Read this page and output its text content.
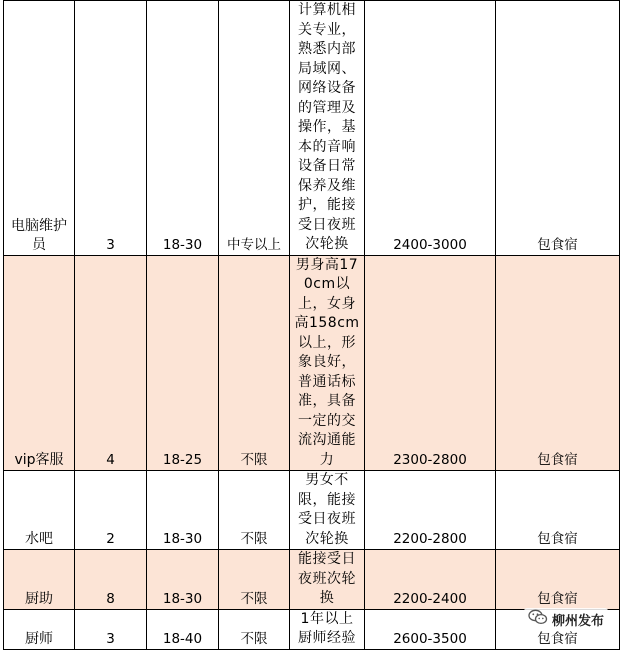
电脑维护员	3	18-30	中专以上	计算机相关专业，熟悉内部局域网、网络设备的管理及操作，基本的音响设备日常保养及维护，能接受日夜班次轮换	2400-3000	包食宿
vip客服	4	18-25	不限	男身高170cm以上，女身高158cm以上，形象良好，普通话标准，具备一定的交流沟通能力	2300-2800	包食宿
水吧	2	18-30	不限	男女不限，能接受日夜班次轮换	2200-2800	包食宿
厨助	8	18-30	不限	能接受日夜班次轮换	2200-2400	包食宿
厨师	3	18-40	不限	1年以上厨师经验	2600-3500	包食宿
柳州发布
